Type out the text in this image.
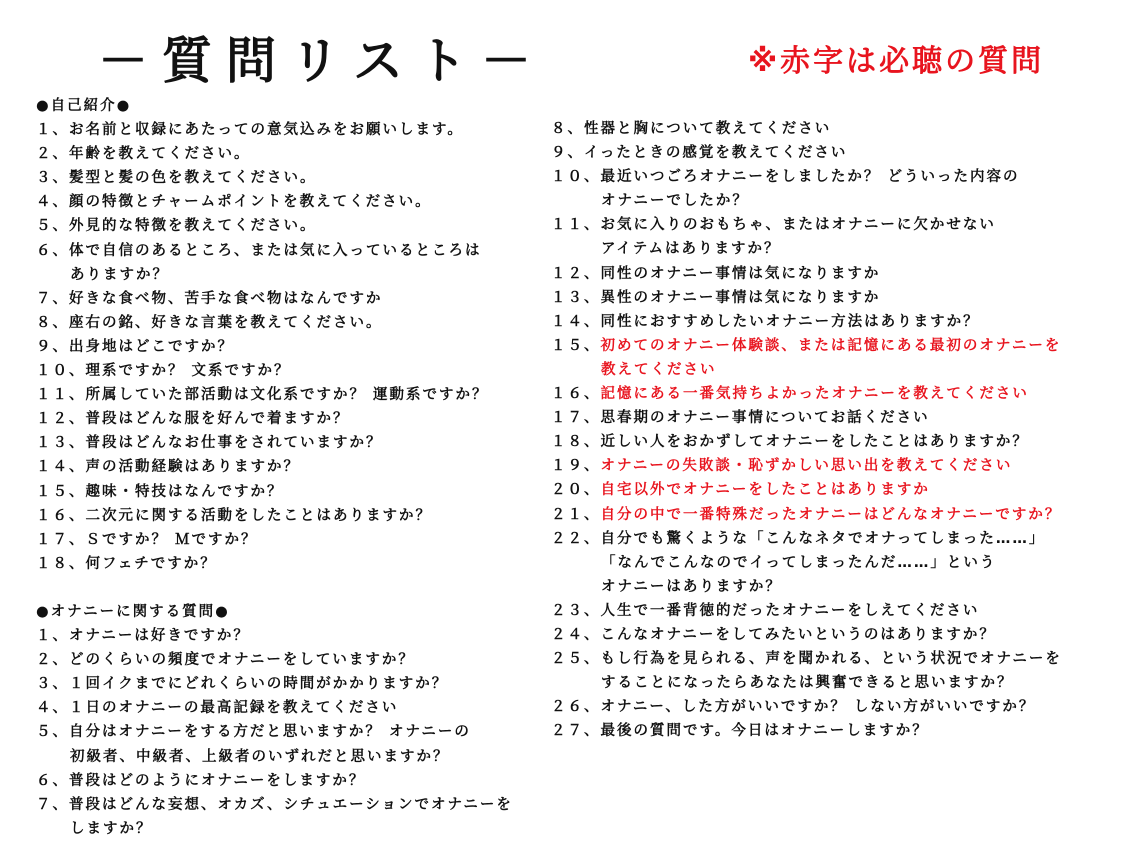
－質問リスト－	※赤字は必聴の質問
●自己紹介●
１、お名前と収録にあたっての意気込みをお願いします。
２、年齢を教えてください。
３、髪型と髪の色を教えてください。
４、顔の特徴とチャームポイントを教えてください。
５、外見的な特徴を教えてください。
６、体で自信のあるところ、または気に入っているところは
ありますか？
７、好きな食べ物、苦手な食べ物はなんですか
８、座右の銘、好きな言葉を教えてください。
９、出身地はどこですか？
１０、理系ですか？ 文系ですか？
１１、所属していた部活動は文化系ですか？ 運動系ですか？
１２、普段はどんな服を好んで着ますか？
１３、普段はどんなお仕事をされていますか？
１４、声の活動経験はありますか？
１５、趣味・特技はなんですか？
１６、二次元に関する活動をしたことはありますか？
１７、Ｓですか？ Ｍですか？
１８、何フェチですか？
●オナニーに関する質問●
１、オナニーは好きですか？
２、どのくらいの頻度でオナニーをしていますか？
３、１回イクまでにどれくらいの時間がかかりますか？
４、１日のオナニーの最高記録を教えてください
５、自分はオナニーをする方だと思いますか？ オナニーの
初級者、中級者、上級者のいずれだと思いますか？
６、普段はどのようにオナニーをしますか？
７、普段はどんな妄想、オカズ、シチュエーションでオナニーを
しますか？
８、性器と胸について教えてください
９、イったときの感覚を教えてください
１０、最近いつごろオナニーをしましたか？ どういった内容の
オナニーでしたか？
１１、お気に入りのおもちゃ、またはオナニーに欠かせない
アイテムはありますか？
１２、同性のオナニー事情は気になりますか
１３、異性のオナニー事情は気になりますか
１４、同性におすすめしたいオナニー方法はありますか？
１５、初めてのオナニー体験談、または記憶にある最初のオナニーを
教えてください
１６、記憶にある一番気持ちよかったオナニーを教えてください
１７、思春期のオナニー事情についてお話ください
１８、近しい人をおかずしてオナニーをしたことはありますか？
１９、オナニーの失敗談・恥ずかしい思い出を教えてください
２０、自宅以外でオナニーをしたことはありますか
２１、自分の中で一番特殊だったオナニーはどんなオナニーですか？
２２、自分でも驚くような「こんなネタでオナってしまった……」
「なんでこんなのでイってしまったんだ……」という
オナニーはありますか？
２３、人生で一番背徳的だったオナニーをしえてください
２４、こんなオナニーをしてみたいというのはありますか？
２５、もし行為を見られる、声を聞かれる、という状況でオナニーを
することになったらあなたは興奮できると思いますか？
２６、オナニー、した方がいいですか？ しない方がいいですか？
２７、最後の質問です。今日はオナニーしますか？
